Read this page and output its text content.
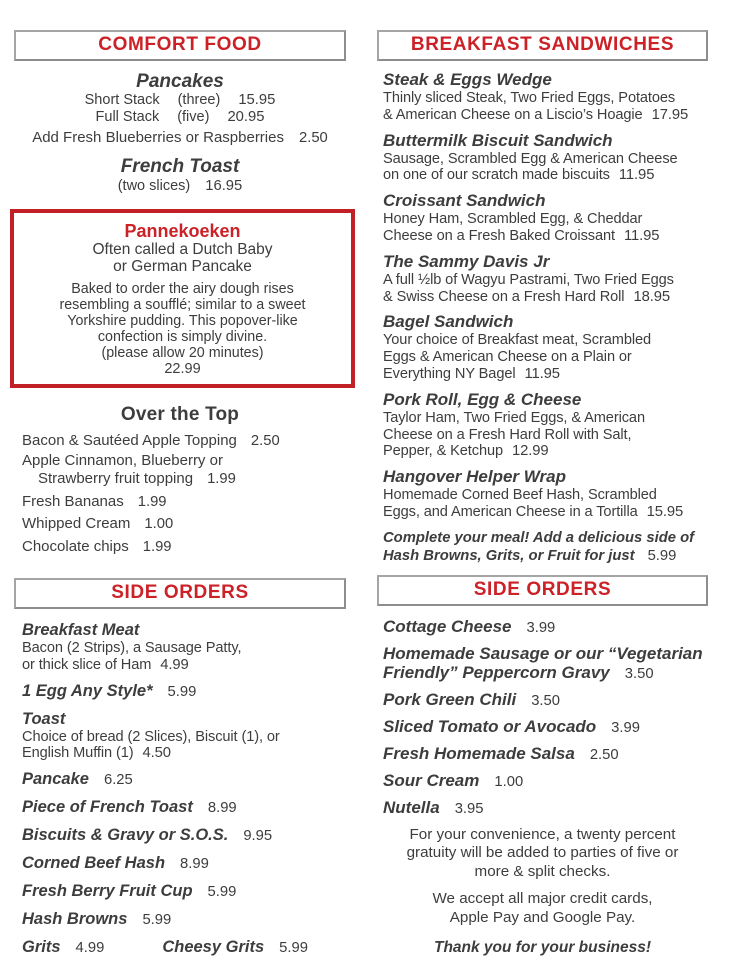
COMFORT FOOD
Pancakes
Short Stack (three) 15.95
Full Stack (five) 20.95
Add Fresh Blueberries or Raspberries 2.50
French Toast
(two slices) 16.95
Pannekoeken
Often called a Dutch Baby
or German Pancake
Baked to order the airy dough rises
resembling a soufflé; similar to a sweet
Yorkshire pudding. This popover-like
confection is simply divine.
(please allow 20 minutes)
22.99
Over the Top
Bacon & Sautéed Apple Topping 2.50
Apple Cinnamon, Blueberry or
Strawberry fruit topping 1.99
Fresh Bananas 1.99
Whipped Cream 1.00
Chocolate chips 1.99
SIDE ORDERS
Breakfast Meat
Bacon (2 Strips), a Sausage Patty,
or thick slice of Ham 4.99
1 Egg Any Style* 5.99
Toast
Choice of bread (2 Slices), Biscuit (1), or
English Muffin (1) 4.50
Pancake 6.25
Piece of French Toast 8.99
Biscuits & Gravy or S.O.S. 9.95
Corned Beef Hash 8.99
Fresh Berry Fruit Cup 5.99
Hash Browns 5.99
Grits 4.99	Cheesy Grits 5.99
BREAKFAST SANDWICHES
Steak & Eggs Wedge
Thinly sliced Steak, Two Fried Eggs, Potatoes
& American Cheese on a Liscio’s Hoagie 17.95
Buttermilk Biscuit Sandwich
Sausage, Scrambled Egg & American Cheese
on one of our scratch made biscuits 11.95
Croissant Sandwich
Honey Ham, Scrambled Egg, & Cheddar
Cheese on a Fresh Baked Croissant 11.95
The Sammy Davis Jr
A full ½lb of Wagyu Pastrami, Two Fried Eggs
& Swiss Cheese on a Fresh Hard Roll 18.95
Bagel Sandwich
Your choice of Breakfast meat, Scrambled
Eggs & American Cheese on a Plain or
Everything NY Bagel 11.95
Pork Roll, Egg & Cheese
Taylor Ham, Two Fried Eggs, & American
Cheese on a Fresh Hard Roll with Salt,
Pepper, & Ketchup 12.99
Hangover Helper Wrap
Homemade Corned Beef Hash, Scrambled
Eggs, and American Cheese in a Tortilla 15.95
Complete your meal! Add a delicious side of
Hash Browns, Grits, or Fruit for just 5.99
SIDE ORDERS
Cottage Cheese 3.99
Homemade Sausage or our “Vegetarian
Friendly” Peppercorn Gravy 3.50
Pork Green Chili 3.50
Sliced Tomato or Avocado 3.99
Fresh Homemade Salsa 2.50
Sour Cream 1.00
Nutella 3.95
For your convenience, a twenty percent
gratuity will be added to parties of five or
more & split checks.
We accept all major credit cards,
Apple Pay and Google Pay.
Thank you for your business!
